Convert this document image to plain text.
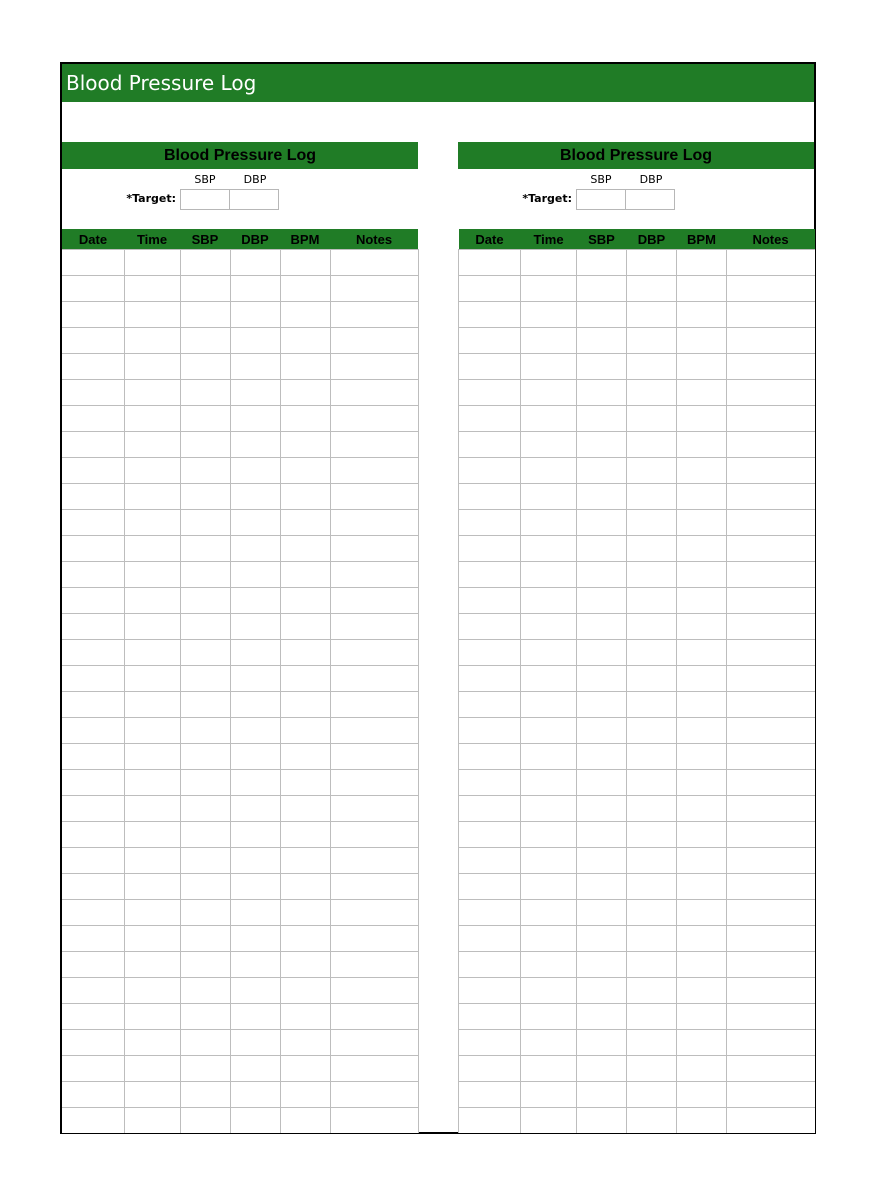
Blood Pressure Log
Blood Pressure Log
SBP	DBP
*Target:
Date	Time	SBP	DBP	BPM	Notes

Blood Pressure Log
SBP	DBP
*Target:
Date	Time	SBP	DBP	BPM	Notes
